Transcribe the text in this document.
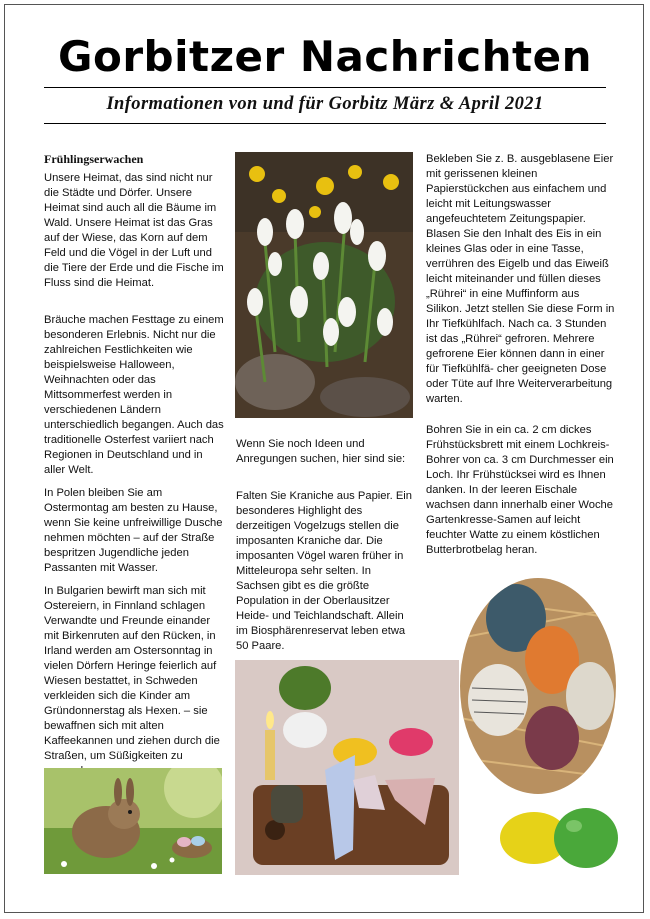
Gorbitzer Nachrichten
Informationen von und für Gorbitz März & April 2021
Frühlingserwachen

Unsere Heimat, das sind nicht nur die Städte und Dörfer. Unsere Heimat sind auch all die Bäume im Wald. Unsere Heimat ist das Gras auf der Wiese, das Korn auf dem Feld und die Vögel in der Luft und die Tiere der Erde und die Fische im Fluss sind die Heimat.

Bräuche machen Festtage zu einem besonderen Erlebnis. Nicht nur die zahlreichen Festlichkeiten wie beispielsweise Halloween, Weihnachten oder das Mittsommerfest werden in verschiedenen Ländern unterschiedlich begangen. Auch das traditionelle Osterfest variiert nach Regionen in Deutschland und in aller Welt.

In Polen bleiben Sie am Ostermontag am besten zu Hause, wenn Sie keine unfreiwillige Dusche nehmen möchten – auf der Straße bespritzen Jugendliche jeden Passanten mit Wasser.

In Bulgarien bewirft man sich mit Ostereiern, in Finnland schlagen Verwandte und Freunde einander mit Birkenruten auf den Rücken, in Irland werden am Ostersonntag in vielen Dörfern Heringe feierlich auf Wiesen bestattet, in Schweden verkleiden sich die Kinder am Gründonnerstag als Hexen. – sie bewaffnen sich mit alten Kaffeekannen und ziehen durch die Straßen, um Süßigkeiten zu

Wenn Sie noch Ideen und Anregungen suchen, hier sind sie:

Falten Sie Kraniche aus Papier. Ein besonderes Highlight des derzeitigen Vogelzugs stellen die imposanten Kraniche dar. Die imposanten Vögel waren früher in Mitteleuropa sehr selten. In Sachsen gibt es die größte Population in der Oberlausitzer Heide- und Teichlandschaft. Allein im Biosphärenreservat leben etwa 50 Paare.

Bekleben Sie z. B. ausgeblasene Eier mit gerissenen kleinen Papierstückchen aus einfachem und leicht mit Leitungswasser angefeuchtetem Zeitungspapier. Blasen Sie den Inhalt des Eis in ein kleines Glas oder in eine Tasse, verrühren des Eigelb und das Eiweiß leicht miteinander und füllen dieses „Rührei“ in eine Muffinform aus Silikon. Jetzt stellen Sie diese Form in Ihr Tiefkühlfach. Nach ca. 3 Stunden ist das „Rührei“ gefroren. Mehrere gefrorene Eier können dann in einer für Tiefkühlfä- cher geeigneten Dose oder Tüte auf Ihre Weiterverarbeitung warten.

Bohren Sie in ein ca. 2 cm dickes Frühstücksbrett mit einem Lochkreis-Bohrer von ca. 3 cm Durchmesser ein Loch. Ihr Frühstücksei wird es Ihnen danken. In der leeren Eischale wachsen dann innerhalb einer Woche Gartenkresse-Samen auf leicht feuchter Watte zu einem köstlichen Butterbrotbelag heran.
